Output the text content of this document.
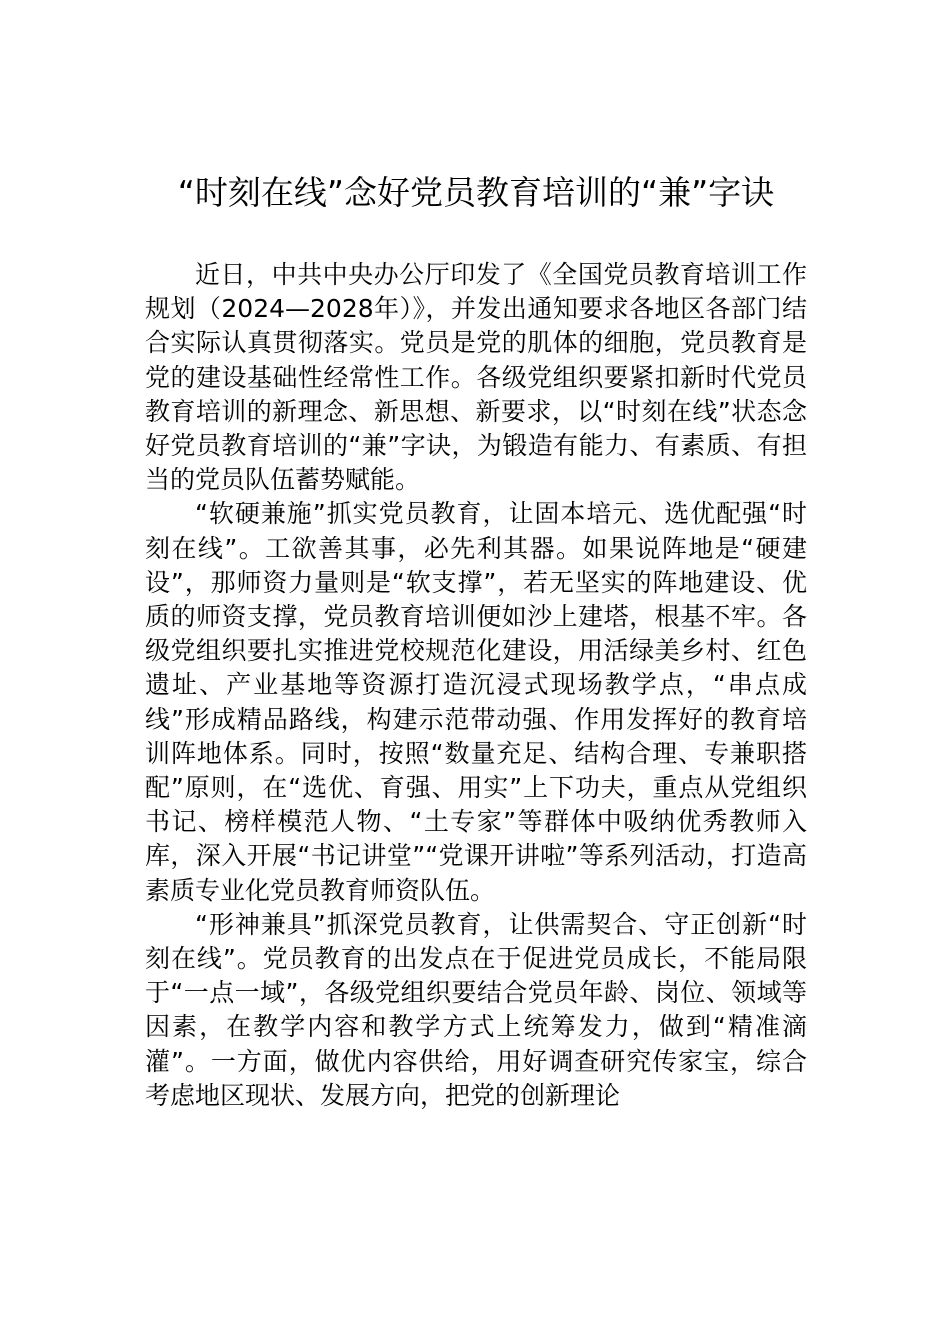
“时刻在线”念好党员教育培训的“兼”字诀

近日，中共中央办公厅印发了《全国党员教育培训工作规划（2024—2028年）》，并发出通知要求各地区各部门结合实际认真贯彻落实。党员是党的肌体的细胞，党员教育是党的建设基础性经常性工作。各级党组织要紧扣新时代党员教育培训的新理念、新思想、新要求，以“时刻在线”状态念好党员教育培训的“兼”字诀，为锻造有能力、有素质、有担当的党员队伍蓄势赋能。

“软硬兼施”抓实党员教育，让固本培元、选优配强“时刻在线”。工欲善其事，必先利其器。如果说阵地是“硬建设”，那师资力量则是“软支撑”，若无坚实的阵地建设、优质的师资支撑，党员教育培训便如沙上建塔，根基不牢。各级党组织要扎实推进党校规范化建设，用活绿美乡村、红色遗址、产业基地等资源打造沉浸式现场教学点，“串点成线”形成精品路线，构建示范带动强、作用发挥好的教育培训阵地体系。同时，按照“数量充足、结构合理、专兼职搭配”原则，在“选优、育强、用实”上下功夫，重点从党组织书记、榜样模范人物、“土专家”等群体中吸纳优秀教师入库，深入开展“书记讲堂”“党课开讲啦”等系列活动，打造高素质专业化党员教育师资队伍。

“形神兼具”抓深党员教育，让供需契合、守正创新“时刻在线”。党员教育的出发点在于促进党员成长，不能局限于“一点一域”，各级党组织要结合党员年龄、岗位、领域等因素，在教学内容和教学方式上统筹发力，做到“精准滴灌”。一方面，做优内容供给，用好调查研究传家宝，综合考虑地区现状、发展方向，把党的创新理论
